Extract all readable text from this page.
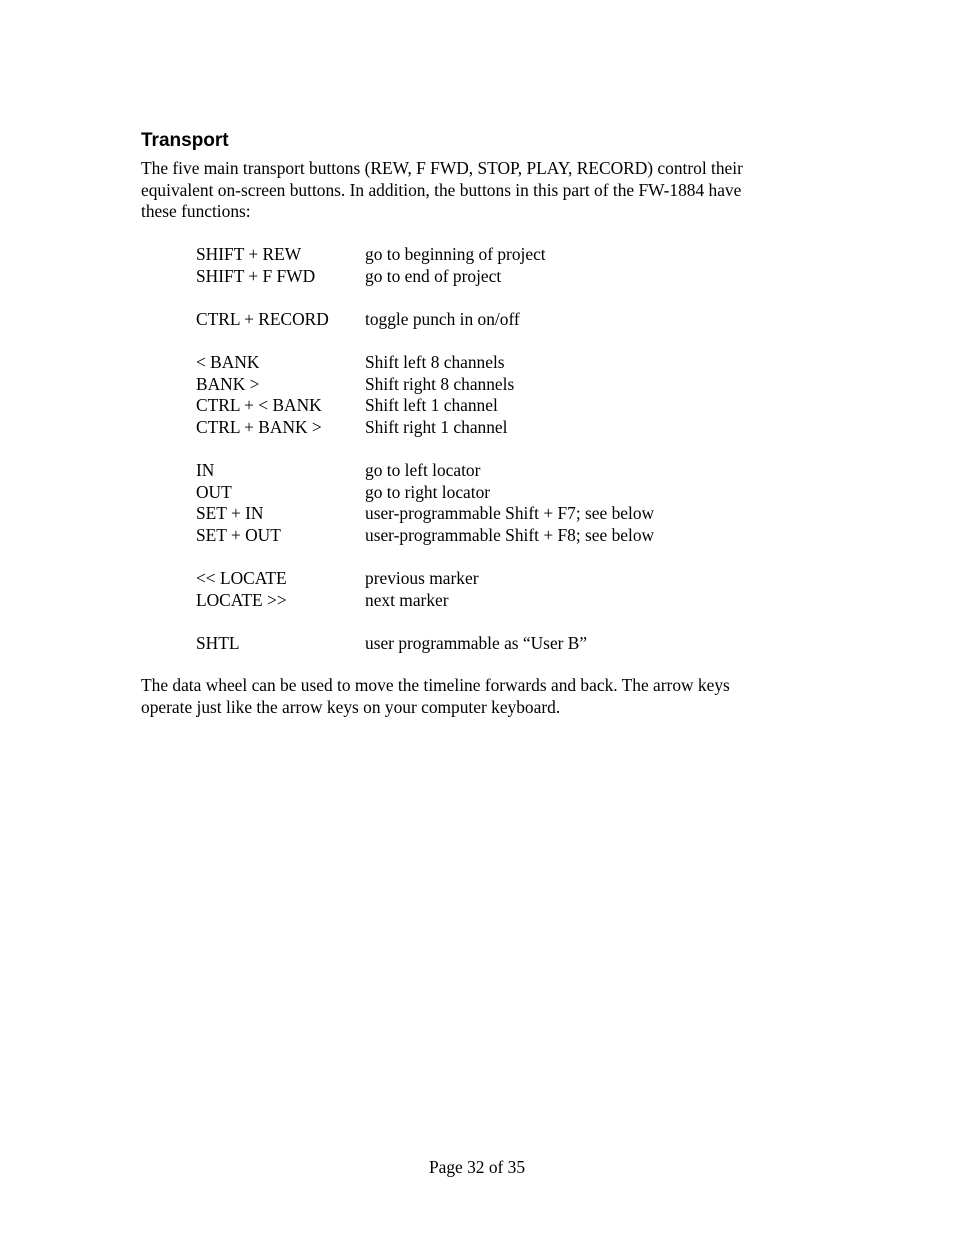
Transport

The five main transport buttons (REW, F FWD, STOP, PLAY, RECORD) control their
equivalent on-screen buttons. In addition, the buttons in this part of the FW-1884 have
these functions:

SHIFT + REW	go to beginning of project
SHIFT + F FWD	go to end of project
CTRL + RECORD	toggle punch in on/off
< BANK	Shift left 8 channels
BANK >	Shift right 8 channels
CTRL + < BANK	Shift left 1 channel
CTRL + BANK >	Shift right 1 channel
IN	go to left locator
OUT	go to right locator
SET + IN	user-programmable Shift + F7; see below
SET + OUT	user-programmable Shift + F8; see below
<< LOCATE	previous marker
LOCATE >>	next marker
SHTL	user programmable as “User B”

The data wheel can be used to move the timeline forwards and back. The arrow keys
operate just like the arrow keys on your computer keyboard.

Page 32 of 35
